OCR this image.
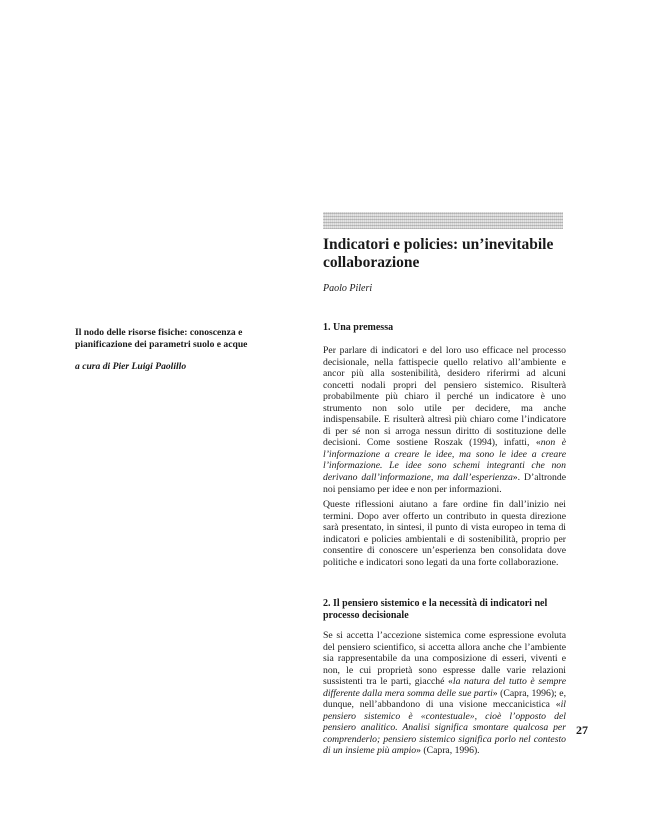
Indicatori e policies: un’inevitabile collaborazione
Paolo Pileri
Il nodo delle risorse fisiche: conoscenza e pianificazione dei parametri suolo e acque
a cura di Pier Luigi Paolillo
1. Una premessa

Per parlare di indicatori e del loro uso efficace nel processo decisionale, nella fattispecie quello relativo all’ambiente e ancor più alla sostenibilità, desidero riferirmi ad alcuni concetti nodali propri del pensiero sistemico. Risulterà probabilmente più chiaro il perché un indicatore è uno strumento non solo utile per decidere, ma anche indispensabile. E risulterà altresì più chiaro come l’indicatore di per sé non si arroga nessun diritto di sostituzione delle decisioni. Come sostiene Roszak (1994), infatti, «non è l’informazione a creare le idee, ma sono le idee a creare l’informazione. Le idee sono schemi integranti che non derivano dall’informazione, ma dall’esperienza». D’altronde noi pensiamo per idee e non per informazioni.

Queste riflessioni aiutano a fare ordine fin dall’inizio nei termini. Dopo aver offerto un contributo in questa direzione sarà presentato, in sintesi, il punto di vista europeo in tema di indicatori e policies ambientali e di sostenibilità, proprio per consentire di conoscere un’esperienza ben consolidata dove politiche e indicatori sono legati da una forte collaborazione.

2. Il pensiero sistemico e la necessità di indicatori nel processo decisionale

Se si accetta l’accezione sistemica come espressione evoluta del pensiero scientifico, si accetta allora anche che l’ambiente sia rappresentabile da una composizione di esseri, viventi e non, le cui proprietà sono espresse dalle varie relazioni sussistenti tra le parti, giacché «la natura del tutto è sempre differente dalla mera somma delle sue parti» (Capra, 1996); e, dunque, nell’abbandono di una visione meccanicistica «il pensiero sistemico è «contestuale», cioè l’opposto del pensiero analitico. Analisi significa smontare qualcosa per comprenderlo; pensiero sistemico significa porlo nel contesto di un insieme più ampio» (Capra, 1996).

27
